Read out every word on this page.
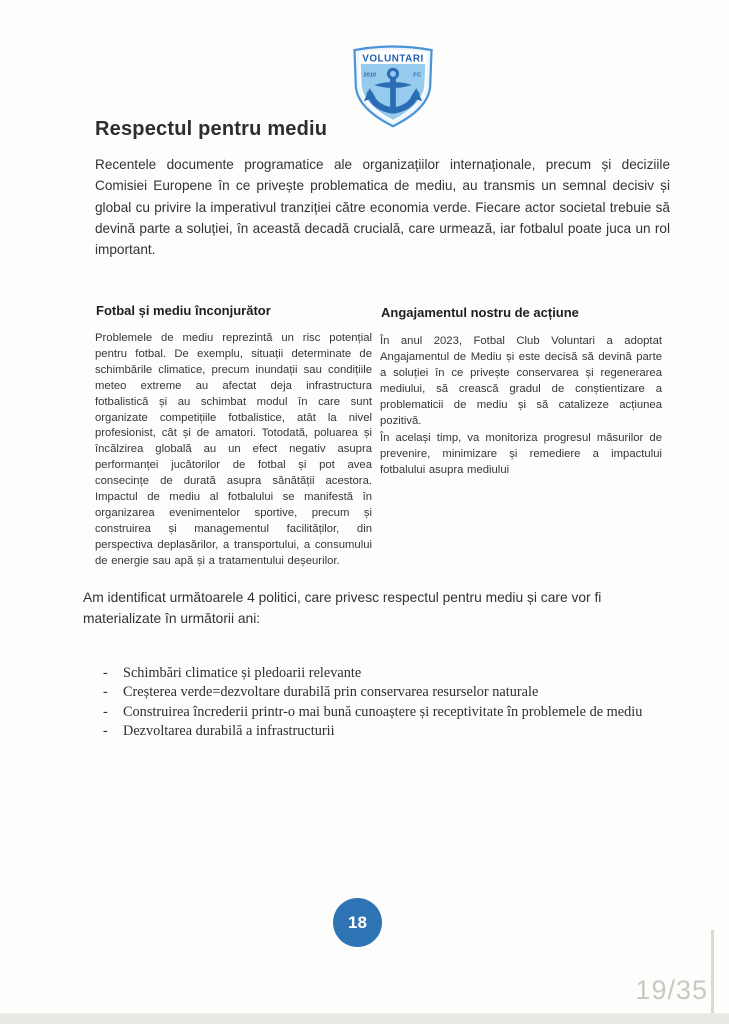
VOLUNTARI
2010	FC
Respectul pentru mediu

Recentele documente programatice ale organizațiilor internaționale, precum și deciziile Comisiei Europene în ce privește problematica de mediu, au transmis un semnal decisiv și global cu privire la imperativul tranziției către economia verde. Fiecare actor societal trebuie să devină parte a soluției, în această decadă crucială, care urmează, iar fotbalul poate juca un rol important.

Fotbal și mediu înconjurător	Angajamentul nostru de acțiune

Problemele de mediu reprezintă un risc potențial pentru fotbal. De exemplu, situații determinate de schimbările climatice, precum inundații sau condițiile meteo extreme au afectat deja infrastructura fotbalistică și au schimbat modul în care sunt organizate competițiile fotbalistice, atât la nivel profesionist, cât și de amatori. Totodată, poluarea și încălzirea globală au un efect negativ asupra performanței jucătorilor de fotbal și pot avea consecințe de durată asupra sănătății acestora. Impactul de mediu al fotbalului se manifestă în organizarea evenimentelor sportive, precum și construirea și managementul facilităților, din perspectiva deplasărilor, a transportului, a consumului de energie sau apă și a tratamentului deșeurilor.

În anul 2023, Fotbal Club Voluntari a adoptat Angajamentul de Mediu și este decisă să devină parte a soluției în ce privește conservarea și regenerarea mediului, să crească gradul de conștientizare a problematicii de mediu și să catalizeze acțiunea pozitivă.

În același timp, va monitoriza progresul măsurilor de prevenire, minimizare și remediere a impactului fotbalului asupra mediului

Am identificat următoarele 4 politici, care privesc respectul pentru mediu și care vor fi materializate în următorii ani:

-	Schimbări climatice și pledoarii relevante
-	Creșterea verde=dezvoltare durabilă prin conservarea resurselor naturale
-	Construirea încrederii printr-o mai bună cunoaștere și receptivitate în problemele de mediu
-	Dezvoltarea durabilă a infrastructurii
18
19/35
